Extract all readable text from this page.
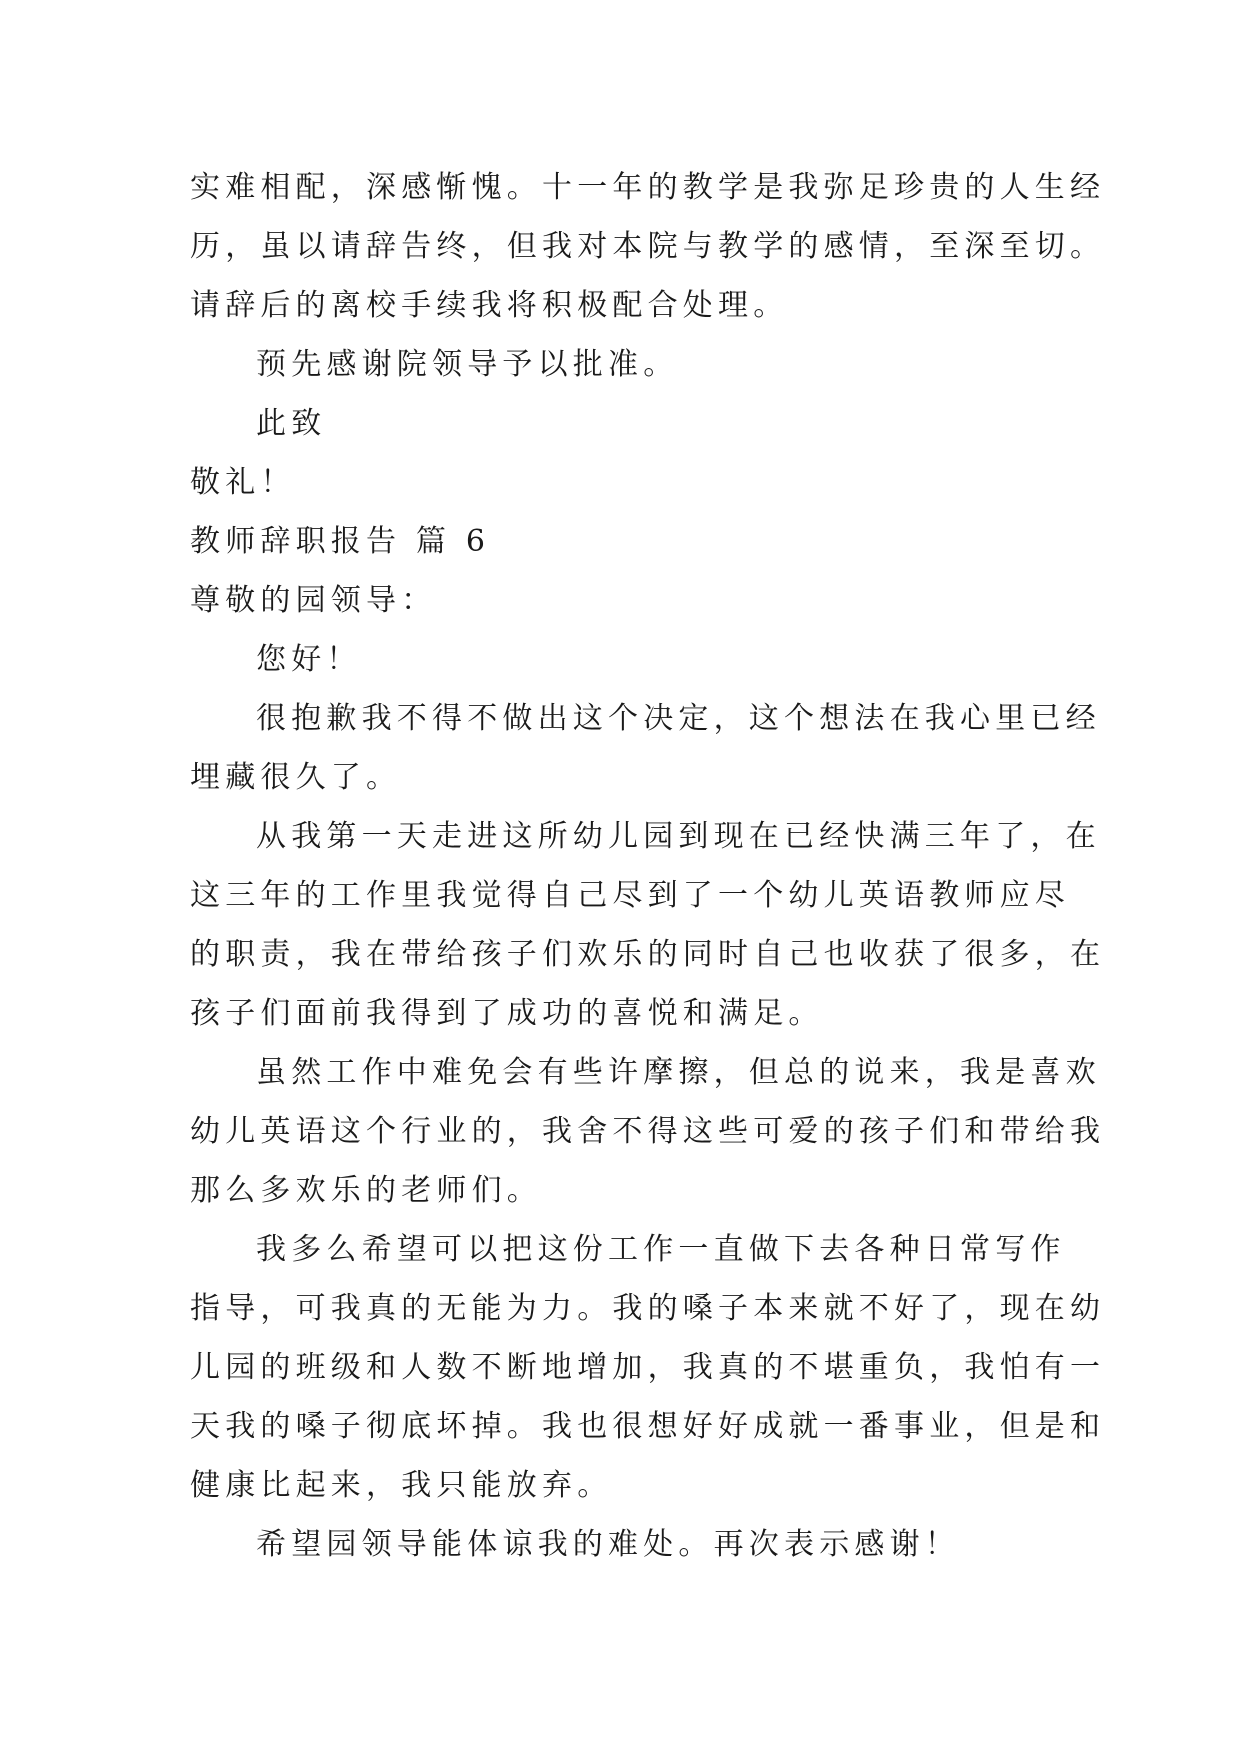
实难相配，深感惭愧。十一年的教学是我弥足珍贵的人生经
历，虽以请辞告终，但我对本院与教学的感情，至深至切。
请辞后的离校手续我将积极配合处理。
预先感谢院领导予以批准。
此致
敬礼！
教师辞职报告 篇 6
尊敬的园领导：
您好！
很抱歉我不得不做出这个决定，这个想法在我心里已经
埋藏很久了。
从我第一天走进这所幼儿园到现在已经快满三年了，在
这三年的工作里我觉得自己尽到了一个幼儿英语教师应尽
的职责，我在带给孩子们欢乐的同时自己也收获了很多，在
孩子们面前我得到了成功的喜悦和满足。
虽然工作中难免会有些许摩擦，但总的说来，我是喜欢
幼儿英语这个行业的，我舍不得这些可爱的孩子们和带给我
那么多欢乐的老师们。
我多么希望可以把这份工作一直做下去各种日常写作
指导，可我真的无能为力。我的嗓子本来就不好了，现在幼
儿园的班级和人数不断地增加，我真的不堪重负，我怕有一
天我的嗓子彻底坏掉。我也很想好好成就一番事业，但是和
健康比起来，我只能放弃。
希望园领导能体谅我的难处。再次表示感谢！
